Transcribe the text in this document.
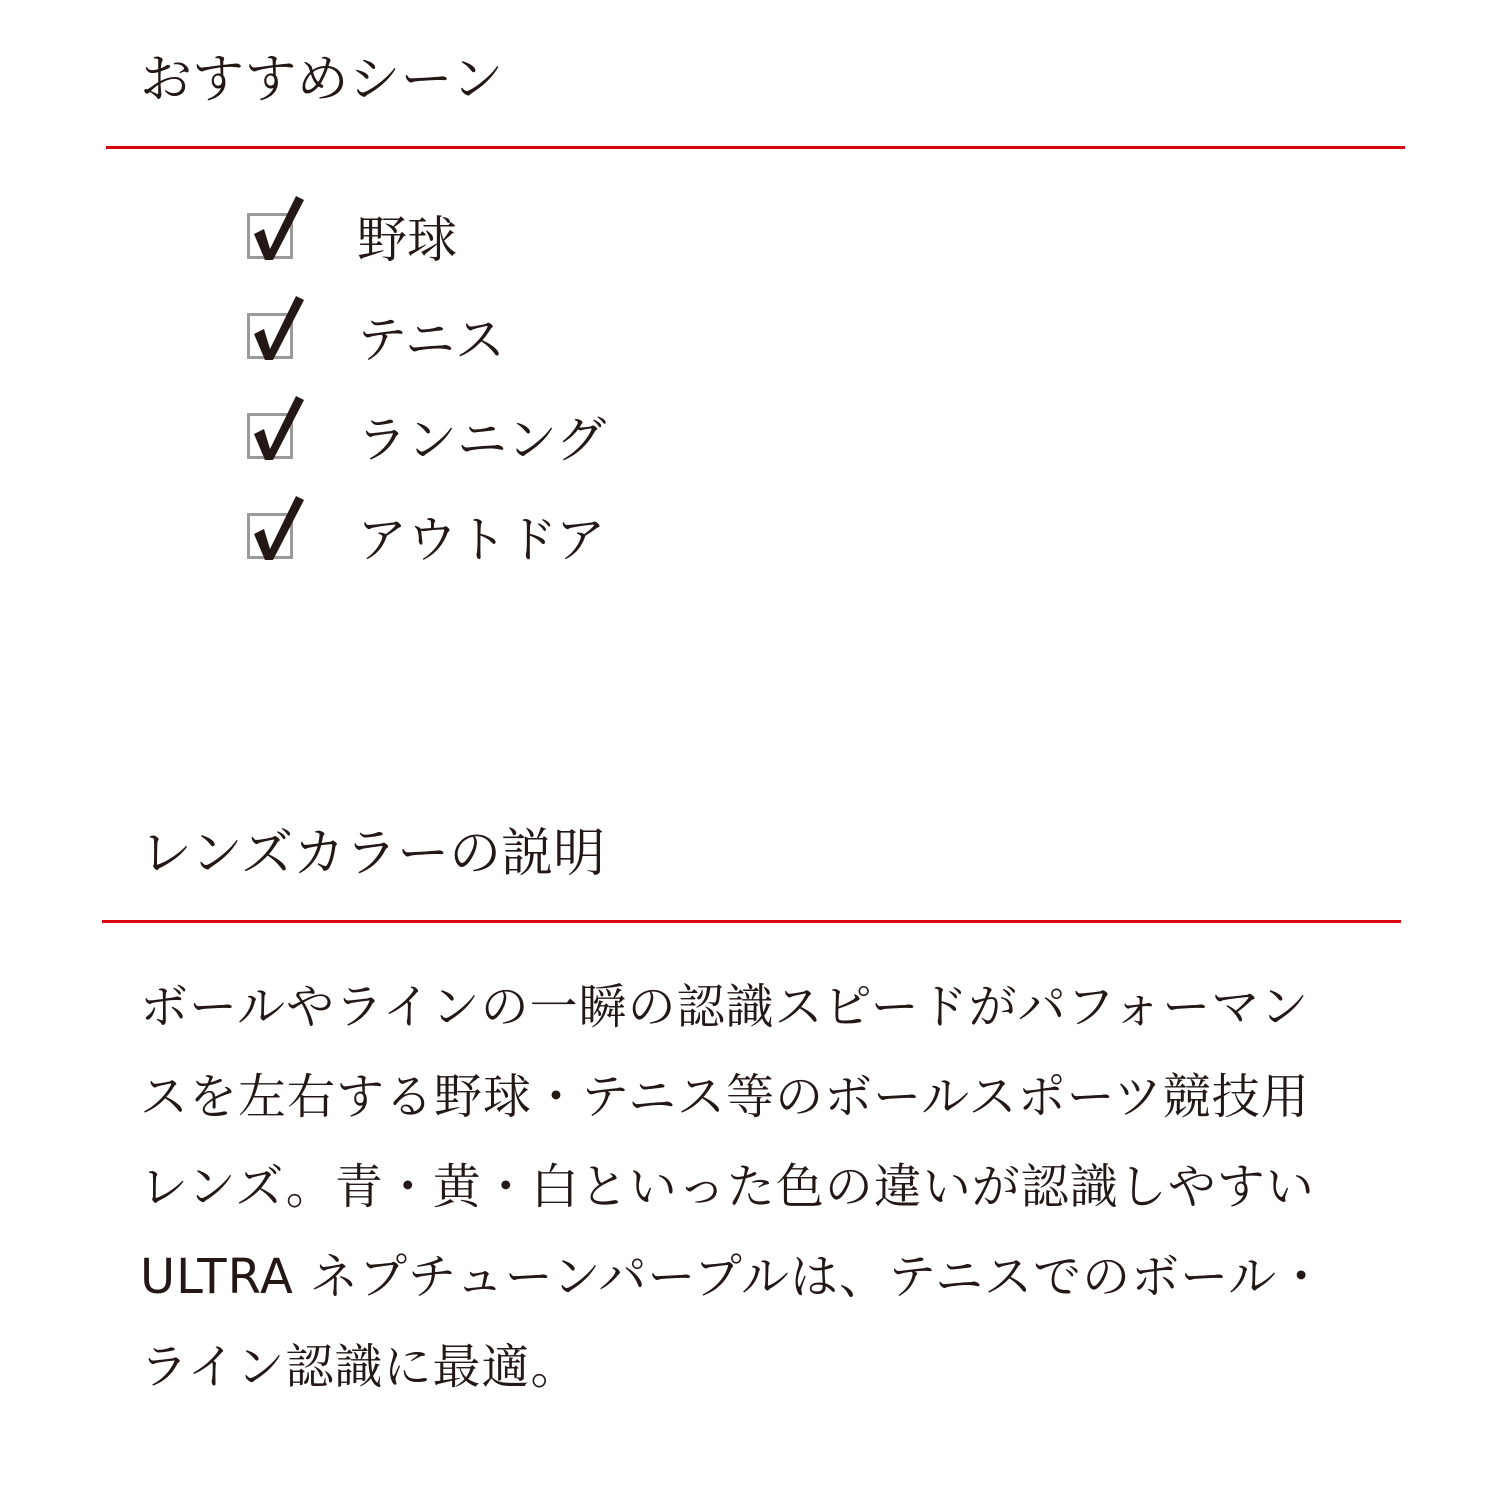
おすすめシーン
野球
テニス
ランニング
アウトドア
レンズカラーの説明

ボールやラインの一瞬の認識スピードがパフォーマン
スを左右する野球・テニス等のボールスポーツ競技用
レンズ。青・黄・白といった色の違いが認識しやすい
ULTRA ネプチューンパープルは、テニスでのボール・
ライン認識に最適。
